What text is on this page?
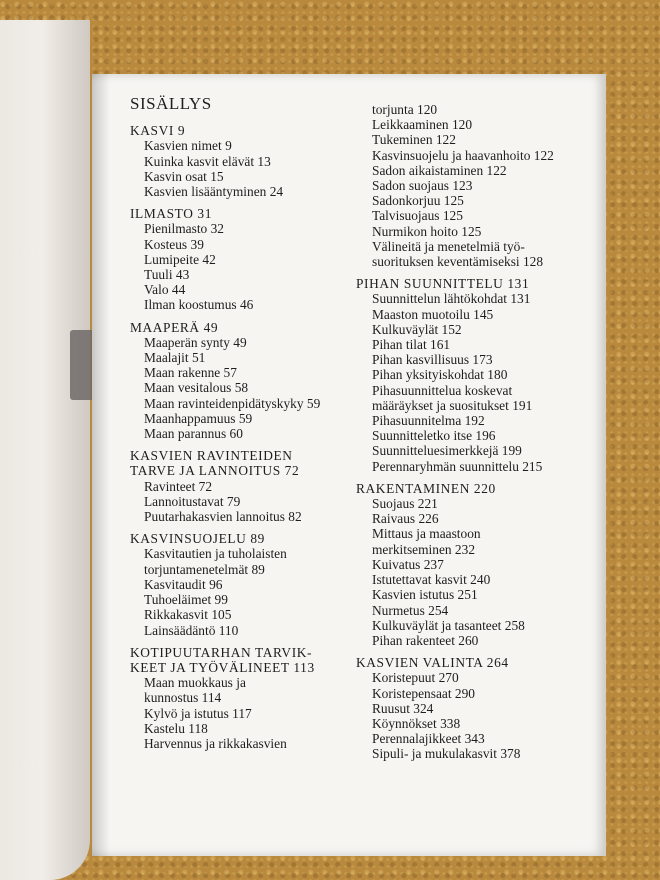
SISÄLLYS
KASVI 9
Kasvien nimet 9
Kuinka kasvit elävät 13
Kasvin osat 15
Kasvien lisääntyminen 24
ILMASTO 31
Pienilmasto 32
Kosteus 39
Lumipeite 42
Tuuli 43
Valo 44
Ilman koostumus 46
MAAPERÄ 49
Maaperän synty 49
Maalajit 51
Maan rakenne 57
Maan vesitalous 58
Maan ravinteidenpidätyskyky 59
Maanhappamuus 59
Maan parannus 60
KASVIEN RAVINTEIDEN
TARVE JA LANNOITUS 72
Ravinteet 72
Lannoitustavat 79
Puutarhakasvien lannoitus 82
KASVINSUOJELU 89
Kasvitautien ja tuholaisten
torjuntamenetelmät 89
Kasvitaudit 96
Tuhoeläimet 99
Rikkakasvit 105
Lainsäädäntö 110
KOTIPUUTARHAN TARVIK-
KEET JA TYÖVÄLINEET 113
Maan muokkaus ja
kunnostus 114
Kylvö ja istutus 117
Kastelu 118
Harvennus ja rikkakasvien
torjunta 120
Leikkaaminen 120
Tukeminen 122
Kasvinsuojelu ja haavanhoito 122
Sadon aikaistaminen 122
Sadon suojaus 123
Sadonkorjuu 125
Talvisuojaus 125
Nurmikon hoito 125
Välineitä ja menetelmiä työ-
suorituksen keventämiseksi 128
PIHAN SUUNNITTELU 131
Suunnittelun lähtökohdat 131
Maaston muotoilu 145
Kulkuväylät 152
Pihan tilat 161
Pihan kasvillisuus 173
Pihan yksityiskohdat 180
Pihasuunnittelua koskevat
määräykset ja suositukset 191
Pihasuunnitelma 192
Suunnitteletko itse 196
Suunnitteluesimerkkejä 199
Perennaryhmän suunnittelu 215
RAKENTAMINEN 220
Suojaus 221
Raivaus 226
Mittaus ja maastoon
merkitseminen 232
Kuivatus 237
Istutettavat kasvit 240
Kasvien istutus 251
Nurmetus 254
Kulkuväylät ja tasanteet 258
Pihan rakenteet 260
KASVIEN VALINTA 264
Koristepuut 270
Koristepensaat 290
Ruusut 324
Köynnökset 338
Perennalajikkeet 343
Sipuli- ja mukulakasvit 378
